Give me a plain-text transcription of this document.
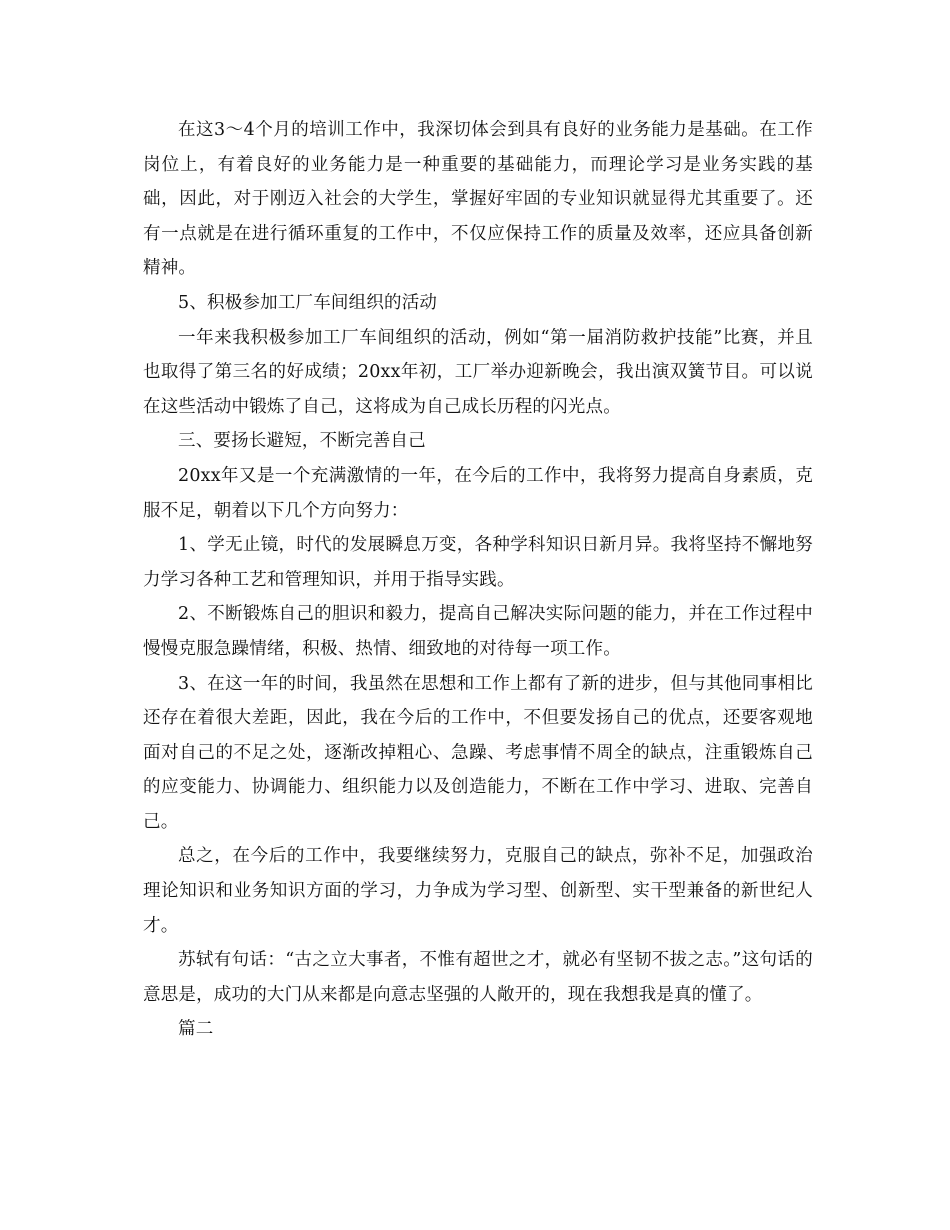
在这3～4个月的培训工作中，我深切体会到具有良好的业务能力是基础。在工作岗位上，有着良好的业务能力是一种重要的基础能力，而理论学习是业务实践的基础，因此，对于刚迈入社会的大学生，掌握好牢固的专业知识就显得尤其重要了。还有一点就是在进行循环重复的工作中，不仅应保持工作的质量及效率，还应具备创新精神。

5、积极参加工厂车间组织的活动

一年来我积极参加工厂车间组织的活动，例如“第一届消防救护技能”比赛，并且也取得了第三名的好成绩；20xx年初，工厂举办迎新晚会，我出演双簧节目。可以说在这些活动中锻炼了自己，这将成为自己成长历程的闪光点。

三、要扬长避短，不断完善自己

20xx年又是一个充满激情的一年，在今后的工作中，我将努力提高自身素质，克服不足，朝着以下几个方向努力：

1、学无止镜，时代的发展瞬息万变，各种学科知识日新月异。我将坚持不懈地努力学习各种工艺和管理知识，并用于指导实践。

2、不断锻炼自己的胆识和毅力，提高自己解决实际问题的能力，并在工作过程中慢慢克服急躁情绪，积极、热情、细致地的对待每一项工作。

3、在这一年的时间，我虽然在思想和工作上都有了新的进步，但与其他同事相比还存在着很大差距，因此，我在今后的工作中，不但要发扬自己的优点，还要客观地面对自己的不足之处，逐渐改掉粗心、急躁、考虑事情不周全的缺点，注重锻炼自己的应变能力、协调能力、组织能力以及创造能力，不断在工作中学习、进取、完善自己。

总之，在今后的工作中，我要继续努力，克服自己的缺点，弥补不足，加强政治理论知识和业务知识方面的学习，力争成为学习型、创新型、实干型兼备的新世纪人才。

苏轼有句话：“古之立大事者，不惟有超世之才，就必有坚韧不拔之志。”这句话的意思是，成功的大门从来都是向意志坚强的人敞开的，现在我想我是真的懂了。

篇二
